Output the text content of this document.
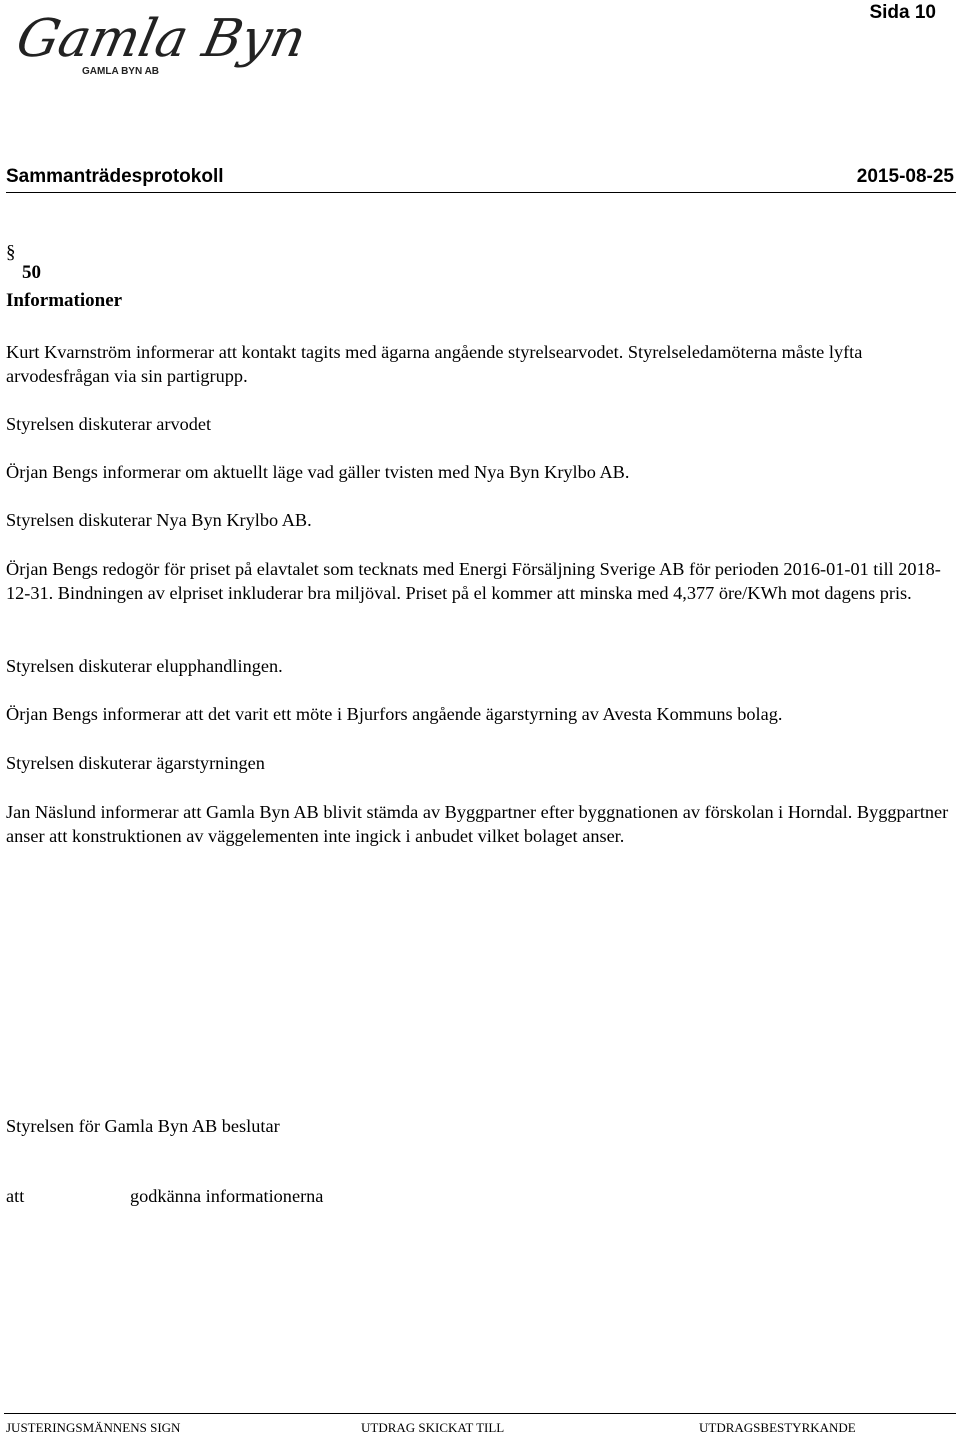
Gamla Byn
GAMLA BYN AB
Sida 10
Sammanträdesprotokoll	2015-08-25
§
50
Informationer

Kurt Kvarnström informerar att kontakt tagits med ägarna angående styrelsearvodet. Styrelseledamöterna måste lyfta arvodesfrågan via sin partigrupp.

Styrelsen diskuterar arvodet

Örjan Bengs informerar om aktuellt läge vad gäller tvisten med Nya Byn Krylbo AB.

Styrelsen diskuterar Nya Byn Krylbo AB.

Örjan Bengs redogör för priset på elavtalet som tecknats med Energi Försäljning Sverige AB för perioden 2016-01-01 till 2018-12-31. Bindningen av elpriset inkluderar bra miljöval. Priset på el kommer att minska med 4,377 öre/KWh mot dagens pris.

Styrelsen diskuterar elupphandlingen.

Örjan Bengs informerar att det varit ett möte i Bjurfors angående ägarstyrning av Avesta Kommuns bolag.

Styrelsen diskuterar ägarstyrningen

Jan Näslund informerar att Gamla Byn AB blivit stämda av Byggpartner efter byggnationen av förskolan i Horndal. Byggpartner anser att konstruktionen av väggelementen inte ingick i anbudet vilket bolaget anser.

Styrelsen för Gamla Byn AB beslutar

att	godkänna informationerna
JUSTERINGSMÄNNENS SIGN	UTDRAG SKICKAT TILL	UTDRAGSBESTYRKANDE
